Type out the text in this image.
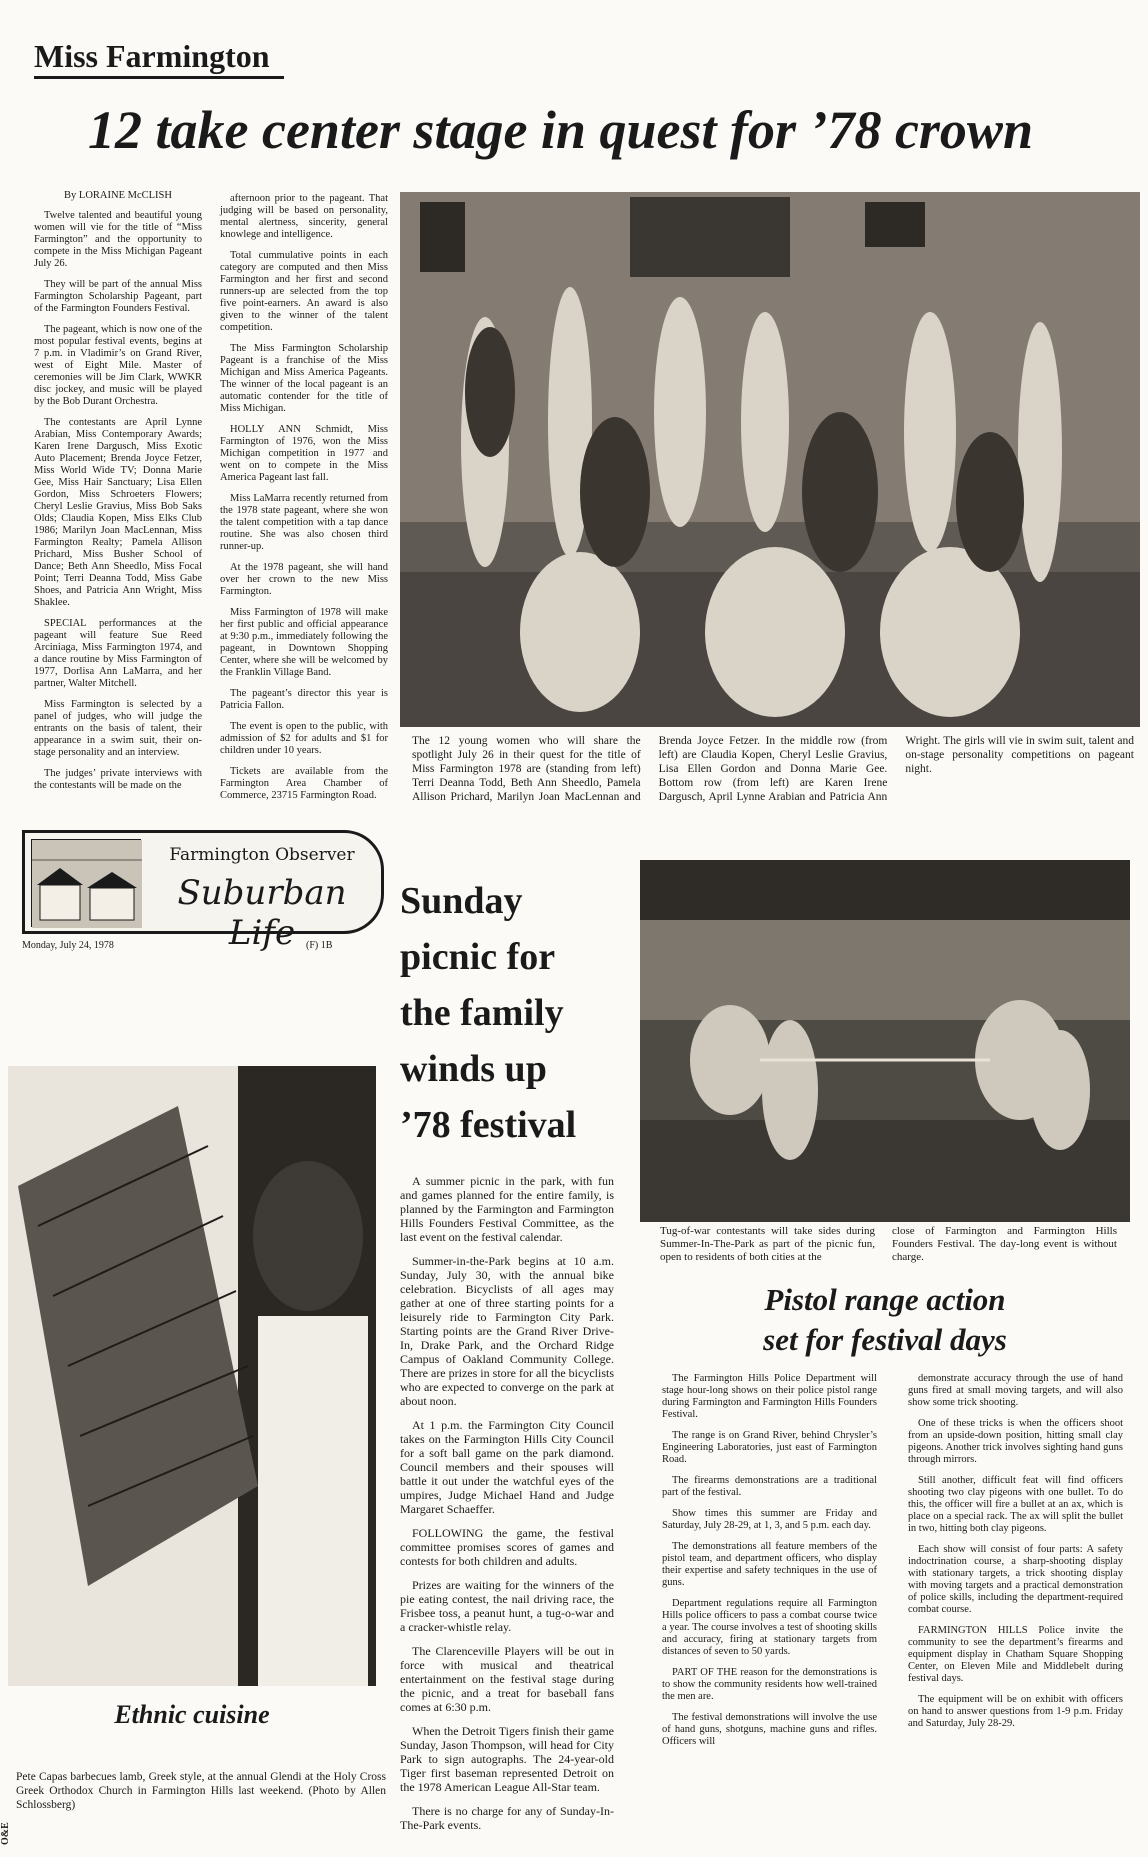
Miss Farmington
12 take center stage in quest for ’78 crown

By LORAINE McCLISH

Twelve talented and beautiful young women will vie for the title of “Miss Farmington” and the opportunity to compete in the Miss Michigan Pageant July 26.

They will be part of the annual Miss Farmington Scholarship Pageant, part of the Farmington Founders Festival.

The pageant, which is now one of the most popular festival events, begins at 7 p.m. in Vladimir’s on Grand River, west of Eight Mile. Master of ceremonies will be Jim Clark, WWKR disc jockey, and music will be played by the Bob Durant Orchestra.

The contestants are April Lynne Arabian, Miss Contemporary Awards; Karen Irene Dargusch, Miss Exotic Auto Placement; Brenda Joyce Fetzer, Miss World Wide TV; Donna Marie Gee, Miss Hair Sanctuary; Lisa Ellen Gordon, Miss Schroeters Flowers; Cheryl Leslie Gravius, Miss Bob Saks Olds; Claudia Kopen, Miss Elks Club 1986; Marilyn Joan MacLennan, Miss Farmington Realty; Pamela Allison Prichard, Miss Busher School of Dance; Beth Ann Sheedlo, Miss Focal Point; Terri Deanna Todd, Miss Gabe Shoes, and Patricia Ann Wright, Miss Shaklee.

SPECIAL performances at the pageant will feature Sue Reed Arciniaga, Miss Farmington 1974, and a dance routine by Miss Farmington of 1977, Dorlisa Ann LaMarra, and her partner, Walter Mitchell.

Miss Farmington is selected by a panel of judges, who will judge the entrants on the basis of talent, their appearance in a swim suit, their on-stage personality and an interview.

The judges’ private interviews with the contestants will be made on the

afternoon prior to the pageant. That judging will be based on personality, mental alertness, sincerity, general knowlege and intelligence.

Total cummulative points in each category are computed and then Miss Farmington and her first and second runners-up are selected from the top five point-earners. An award is also given to the winner of the talent competition.

The Miss Farmington Scholarship Pageant is a franchise of the Miss Michigan and Miss America Pageants. The winner of the local pageant is an automatic contender for the title of Miss Michigan.

HOLLY ANN Schmidt, Miss Farmington of 1976, won the Miss Michigan competition in 1977 and went on to compete in the Miss America Pageant last fall.

Miss LaMarra recently returned from the 1978 state pageant, where she won the talent competition with a tap dance routine. She was also chosen third runner-up.

At the 1978 pageant, she will hand over her crown to the new Miss Farmington.

Miss Farmington of 1978 will make her first public and official appearance at 9:30 p.m., immediately following the pageant, in Downtown Shopping Center, where she will be welcomed by the Franklin Village Band.

The pageant’s director this year is Patricia Fallon.

The event is open to the public, with admission of $2 for adults and $1 for children under 10 years.

Tickets are available from the Farmington Area Chamber of Commerce, 23715 Farmington Road.

The 12 young women who will share the spotlight July 26 in their quest for the title of Miss Farmington 1978 are (standing from left) Terri Deanna Todd, Beth Ann Sheedlo, Pamela Allison Prichard, Marilyn Joan MacLennan and Brenda Joyce Fetzer. In the middle row (from left) are Claudia Kopen, Cheryl Leslie Gravius, Lisa Ellen Gordon and Donna Marie Gee. Bottom row (from left) are Karen Irene Dargusch, April Lynne Arabian and Patricia Ann Wright. The girls will vie in swim suit, talent and on-stage personality competitions on pageant night.
Farmington Observer
Suburban Life
Monday, July 24, 1978	(F) 1B
Sunday
picnic for
the family
winds up
’78 festival

A summer picnic in the park, with fun and games planned for the entire family, is planned by the Farmington and Farmington Hills Founders Festival Committee, as the last event on the festival calendar.

Summer-in-the-Park begins at 10 a.m. Sunday, July 30, with the annual bike celebration. Bicyclists of all ages may gather at one of three starting points for a leisurely ride to Farmington City Park. Starting points are the Grand River Drive-In, Drake Park, and the Orchard Ridge Campus of Oakland Community College. There are prizes in store for all the bicyclists who are expected to converge on the park at about noon.

At 1 p.m. the Farmington City Council takes on the Farmington Hills City Council for a soft ball game on the park diamond. Council members and their spouses will battle it out under the watchful eyes of the umpires, Judge Michael Hand and Judge Margaret Schaeffer.

FOLLOWING the game, the festival committee promises scores of games and contests for both children and adults.

Prizes are waiting for the winners of the pie eating contest, the nail driving race, the Frisbee toss, a peanut hunt, a tug-o-war and a cracker-whistle relay.

The Clarenceville Players will be out in force with musical and theatrical entertainment on the festival stage during the picnic, and a treat for baseball fans comes at 6:30 p.m.

When the Detroit Tigers finish their game Sunday, Jason Thompson, will head for City Park to sign autographs. The 24-year-old Tiger first baseman represented Detroit on the 1978 American League All-Star team.

There is no charge for any of Sunday-In-The-Park events.

Tug-of-war contestants will take sides during Summer-In-The-Park as part of the picnic fun, open to residents of both cities at the
close of Farmington and Farmington Hills Founders Festival. The day-long event is without charge.
Pistol range action
set for festival days

The Farmington Hills Police Department will stage hour-long shows on their police pistol range during Farmington and Farmington Hills Founders Festival.

The range is on Grand River, behind Chrysler’s Engineering Laboratories, just east of Farmington Road.

The firearms demonstrations are a traditional part of the festival.

Show times this summer are Friday and Saturday, July 28-29, at 1, 3, and 5 p.m. each day.

The demonstrations all feature members of the pistol team, and department officers, who display their expertise and safety techniques in the use of guns.

Department regulations require all Farmington Hills police officers to pass a combat course twice a year. The course involves a test of shooting skills and accuracy, firing at stationary targets from distances of seven to 50 yards.

PART OF THE reason for the demonstrations is to show the community residents how well-trained the men are.

The festival demonstrations will involve the use of hand guns, shotguns, machine guns and rifles. Officers will

demonstrate accuracy through the use of hand guns fired at small moving targets, and will also show some trick shooting.

One of these tricks is when the officers shoot from an upside-down position, hitting small clay pigeons. Another trick involves sighting hand guns through mirrors.

Still another, difficult feat will find officers shooting two clay pigeons with one bullet. To do this, the officer will fire a bullet at an ax, which is place on a special rack. The ax will split the bullet in two, hitting both clay pigeons.

Each show will consist of four parts: A safety indoctrination course, a sharp-shooting display with stationary targets, a trick shooting display with moving targets and a practical demonstration of police skills, including the department-required combat course.

FARMINGTON HILLS Police invite the community to see the department’s firearms and equipment display in Chatham Square Shopping Center, on Eleven Mile and Middlebelt during festival days.

The equipment will be on exhibit with officers on hand to answer questions from 1-9 p.m. Friday and Saturday, July 28-29.

Ethnic cuisine
Pete Capas barbecues lamb, Greek style, at the annual Glendi at the Holy Cross Greek Orthodox Church in Farmington Hills last weekend. (Photo by Allen Schlossberg)
O&E
